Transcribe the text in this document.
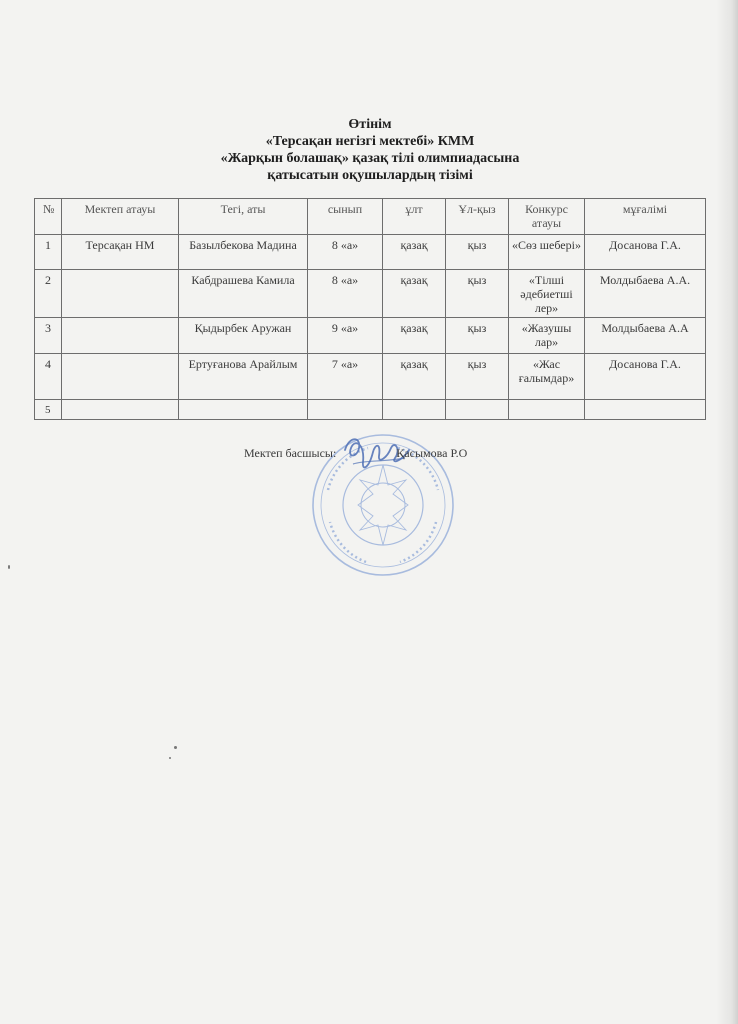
Өтінім
«Терсақан негізгі мектебі» КММ
«Жарқын болашақ» қазақ тілі олимпиадасына
қатысатын оқушылардың тізімі
№	Мектеп атауы	Тегі, аты	сынып	ұлт	Ұл-қыз	Конкурс атауы	мұғалімі
1	Терсақан НМ	Базылбекова Мадина	8 «а»	қазақ	қыз	«Сөз шебері»	Досанова Г.А.
2		Кабдрашева Камила	8 «а»	қазақ	қыз	«Тілші әдебиетші лер»	Молдыбаева А.А.
3		Қыдырбек Аружан	9 «а»	қазақ	қыз	«Жазушы лар»	Молдыбаева А.А
4		Ертуғанова Арайлым	7 «а»	қазақ	қыз	«Жас ғалымдар»	Досанова Г.А.
5							
Мектеп басшысы:	Қасымова Р.О
